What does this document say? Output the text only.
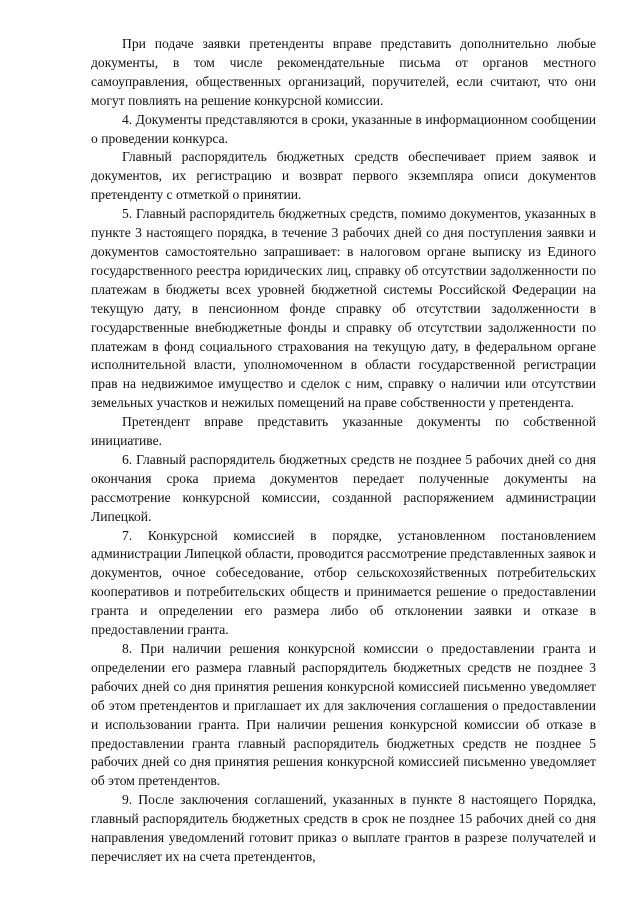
При подаче заявки претенденты вправе представить дополнительно любые документы, в том числе рекомендательные письма от органов местного самоуправления, общественных организаций, поручителей, если считают, что они могут повлиять на решение конкурсной комиссии.

4. Документы представляются в сроки, указанные в информационном сообщении о проведении конкурса.

Главный распорядитель бюджетных средств обеспечивает прием заявок и документов, их регистрацию и возврат первого экземпляра описи документов претенденту с отметкой о принятии.

5. Главный распорядитель бюджетных средств, помимо документов, указанных в пункте 3 настоящего порядка, в течение 3 рабочих дней со дня поступления заявки и документов самостоятельно запрашивает: в налоговом органе выписку из Единого государственного реестра юридических лиц, справку об отсутствии задолженности по платежам в бюджеты всех уровней бюджетной системы Российской Федерации на текущую дату, в пенсионном фонде справку об отсутствии задолженности в государственные внебюджетные фонды и справку об отсутствии задолженности по платежам в фонд социального страхования на текущую дату, в федеральном органе исполнительной власти, уполномоченном в области государственной регистрации прав на недвижимое имущество и сделок с ним, справку о наличии или отсутствии земельных участков и нежилых помещений на праве собственности у претендента.

Претендент вправе представить указанные документы по собственной инициативе.

6. Главный распорядитель бюджетных средств не позднее 5 рабочих дней со дня окончания срока приема документов передает полученные документы на рассмотрение конкурсной комиссии, созданной распоряжением администрации Липецкой.

7. Конкурсной комиссией в порядке, установленном постановлением администрации Липецкой области, проводится рассмотрение представленных заявок и документов, очное собеседование, отбор сельскохозяйственных потребительских кооперативов и потребительских обществ и принимается решение о предоставлении гранта и определении его размера либо об отклонении заявки и отказе в предоставлении гранта.

8. При наличии решения конкурсной комиссии о предоставлении гранта и определении его размера главный распорядитель бюджетных средств не позднее 3 рабочих дней со дня принятия решения конкурсной комиссией письменно уведомляет об этом претендентов и приглашает их для заключения соглашения о предоставлении и использовании гранта. При наличии решения конкурсной комиссии об отказе в предоставлении гранта главный распорядитель бюджетных средств не позднее 5 рабочих дней со дня принятия решения конкурсной комиссией письменно уведомляет об этом претендентов.

9. После заключения соглашений, указанных в пункте 8 настоящего Порядка, главный распорядитель бюджетных средств в срок не позднее 15 рабочих дней со дня направления уведомлений готовит приказ о выплате грантов в разрезе получателей и перечисляет их на счета претендентов,
